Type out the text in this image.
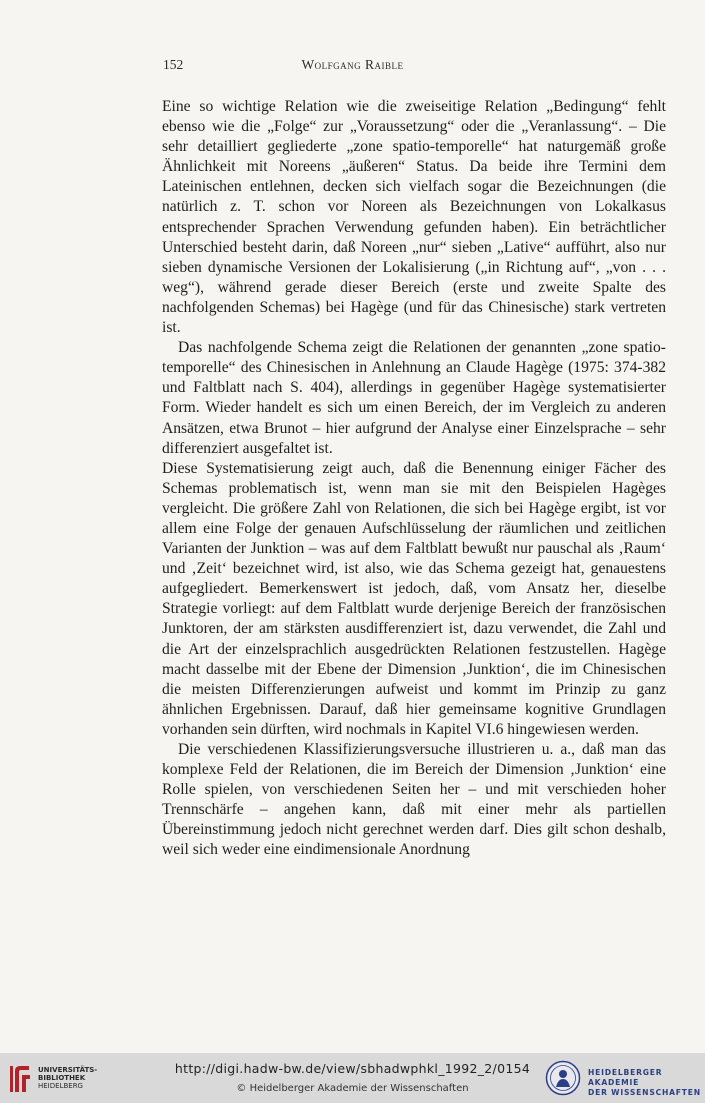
152	Wolfgang Raible

Eine so wichtige Relation wie die zweiseitige Relation „Bedingung“ fehlt ebenso wie die „Folge“ zur „Voraussetzung“ oder die „Veranlassung“. – Die sehr detailliert gegliederte „zone spatio-temporelle“ hat naturgemäß große Ähnlichkeit mit Noreens „äußeren“ Status. Da beide ihre Termini dem Lateinischen entlehnen, decken sich vielfach sogar die Bezeichnungen (die natürlich z. T. schon vor Noreen als Bezeichnungen von Lokalkasus entsprechender Sprachen Verwendung gefunden haben). Ein beträchtlicher Unterschied besteht darin, daß Noreen „nur“ sieben „Lative“ aufführt, also nur sieben dynamische Versionen der Lokalisierung („in Richtung auf“, „von . . . weg“), während gerade dieser Bereich (erste und zweite Spalte des nachfolgenden Schemas) bei Hagège (und für das Chinesische) stark vertreten ist.

Das nachfolgende Schema zeigt die Relationen der genannten „zone spatio-temporelle“ des Chinesischen in Anlehnung an Claude Hagège (1975: 374-382 und Faltblatt nach S. 404), allerdings in gegenüber Hagège systematisierter Form. Wieder handelt es sich um einen Bereich, der im Vergleich zu anderen Ansätzen, etwa Brunot – hier aufgrund der Analyse einer Einzelsprache – sehr differenziert ausgefaltet ist.

Diese Systematisierung zeigt auch, daß die Benennung einiger Fächer des Schemas problematisch ist, wenn man sie mit den Beispielen Hagèges vergleicht. Die größere Zahl von Relationen, die sich bei Hagège ergibt, ist vor allem eine Folge der genauen Aufschlüsselung der räumlichen und zeitlichen Varianten der Junktion – was auf dem Faltblatt bewußt nur pauschal als ‚Raum‘ und ‚Zeit‘ bezeichnet wird, ist also, wie das Schema gezeigt hat, genauestens aufgegliedert. Bemerkenswert ist jedoch, daß, vom Ansatz her, dieselbe Strategie vorliegt: auf dem Faltblatt wurde derjenige Bereich der französischen Junktoren, der am stärksten ausdifferenziert ist, dazu verwendet, die Zahl und die Art der einzelsprachlich ausgedrückten Relationen festzustellen. Hagège macht dasselbe mit der Ebene der Dimension ‚Junktion‘, die im Chinesischen die meisten Differenzierungen aufweist und kommt im Prinzip zu ganz ähnlichen Ergebnissen. Darauf, daß hier gemeinsame kognitive Grundlagen vorhanden sein dürften, wird nochmals in Kapitel VI.6 hingewiesen werden.

Die verschiedenen Klassifizierungsversuche illustrieren u. a., daß man das komplexe Feld der Relationen, die im Bereich der Dimension ‚Junktion‘ eine Rolle spielen, von verschiedenen Seiten her – und mit verschieden hoher Trennschärfe – angehen kann, daß mit einer mehr als partiellen Übereinstimmung jedoch nicht gerechnet werden darf. Dies gilt schon deshalb, weil sich weder eine eindimensionale Anordnung

UNIVERSITÄTS-
BIBLIOTHEK
HEIDELBERG
http://digi.hadw-bw.de/view/sbhadwphkl_1992_2/0154
© Heidelberger Akademie der Wissenschaften
HEIDELBERGER AKADEMIE
DER WISSENSCHAFTEN
